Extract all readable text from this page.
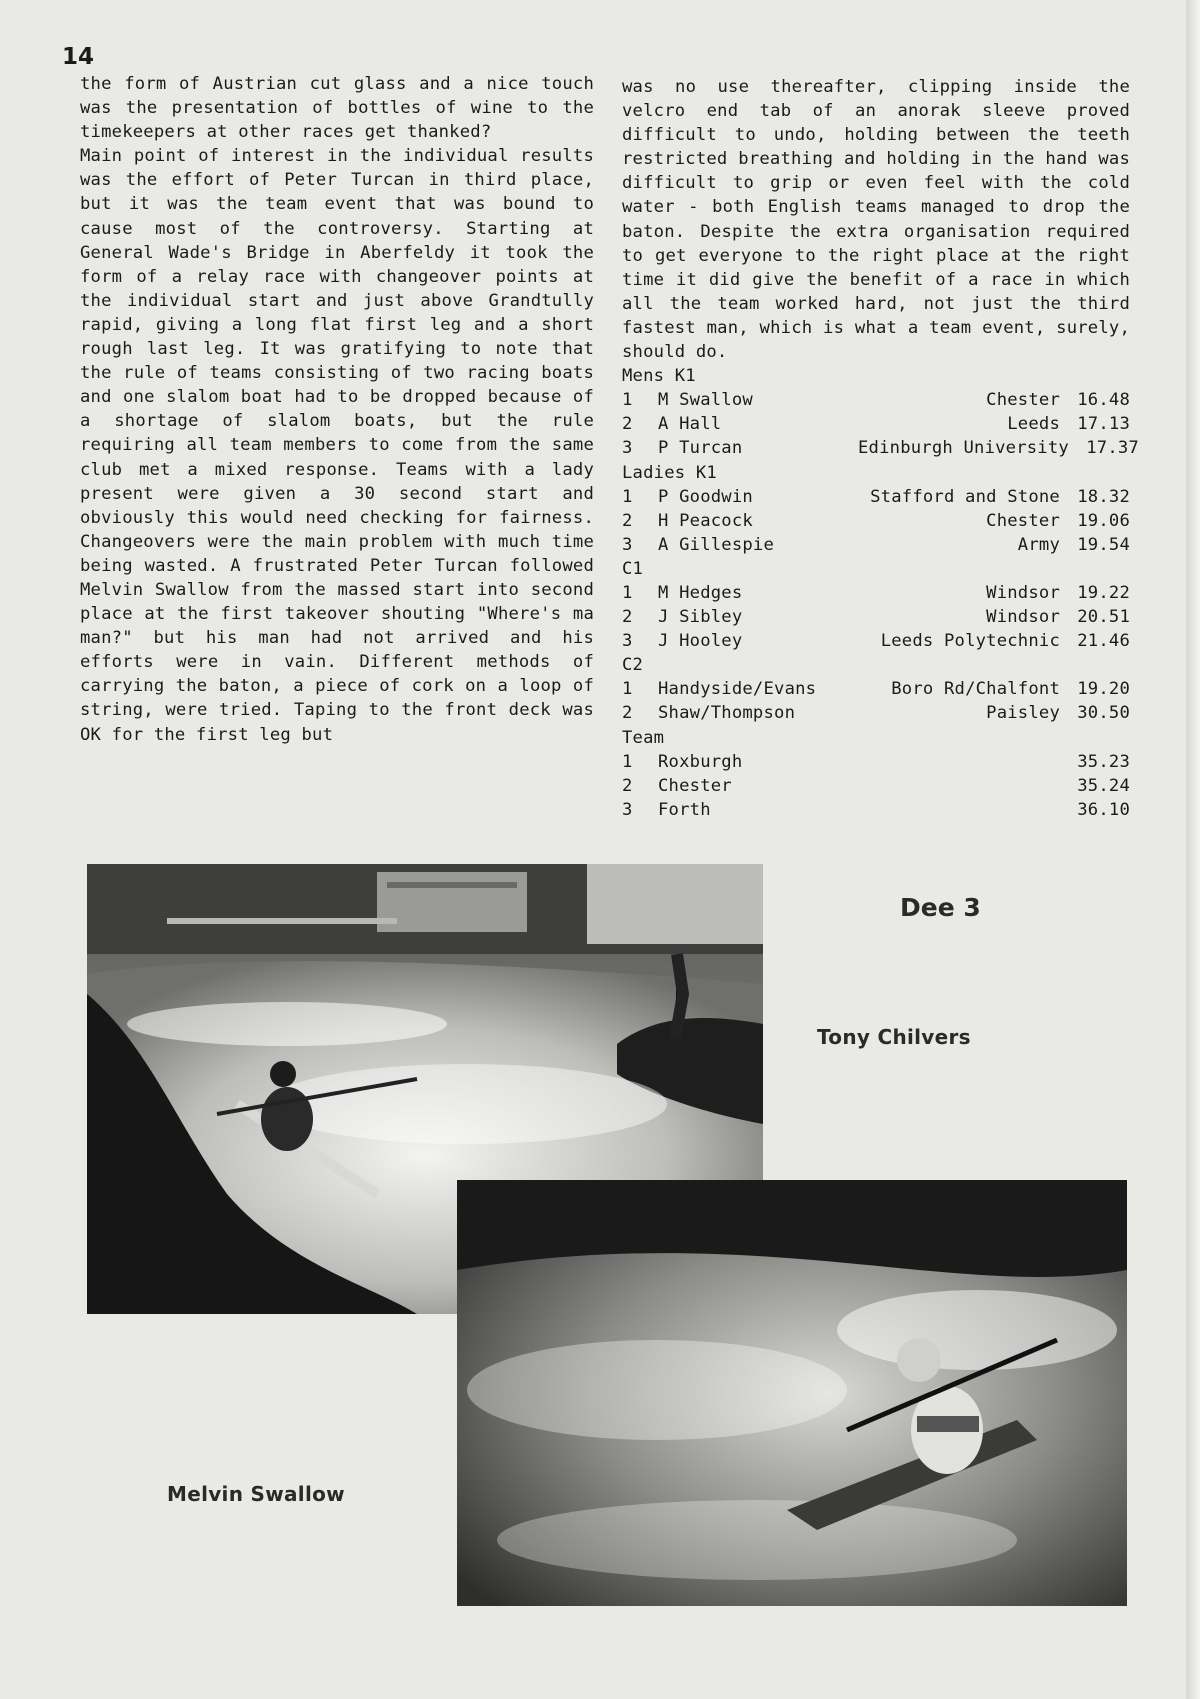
14
the form of Austrian cut glass and a nice touch was the presentation of bottles of wine to the timekeepers at other races get thanked?
Main point of interest in the individual results was the effort of Peter Turcan in third place, but it was the team event that was bound to cause most of the controversy. Starting at General Wade's Bridge in Aberfeldy it took the form of a relay race with changeover points at the individual start and just above Grandtully rapid, giving a long flat first leg and a short rough last leg. It was gratifying to note that the rule of teams consisting of two racing boats and one slalom boat had to be dropped because of a shortage of slalom boats, but the rule requiring all team members to come from the same club met a mixed response. Teams with a lady present were given a 30 second start and obviously this would need checking for fairness. Changeovers were the main problem with much time being wasted. A frustrated Peter Turcan followed Melvin Swallow from the massed start into second place at the first takeover shouting "Where's ma man?" but his man had not arrived and his efforts were in vain. Different methods of carrying the baton, a piece of cork on a loop of string, were tried. Taping to the front deck was OK for the first leg but

was no use thereafter, clipping inside the velcro end tab of an anorak sleeve proved difficult to undo, holding between the teeth restricted breathing and holding in the hand was difficult to grip or even feel with the cold water - both English teams managed to drop the baton. Despite the extra organisation required to get everyone to the right place at the right time it did give the benefit of a race in which all the team worked hard, not just the third fastest man, which is what a team event, surely, should do.

Mens K1
1	M Swallow	Chester	16.48
2	A Hall	Leeds	17.13
3	P Turcan	Edinburgh University	17.37
Ladies K1
1	P Goodwin	Stafford and Stone	18.32
2	H Peacock	Chester	19.06
3	A Gillespie	Army	19.54
C1
1	M Hedges	Windsor	19.22
2	J Sibley	Windsor	20.51
3	J Hooley	Leeds Polytechnic	21.46
C2
1	Handyside/Evans	Boro Rd/Chalfont	19.20
2	Shaw/Thompson	Paisley	30.50
Team
1	Roxburgh	35.23
2	Chester	35.24
3	Forth	36.10
Dee 3
Tony Chilvers
Melvin Swallow
